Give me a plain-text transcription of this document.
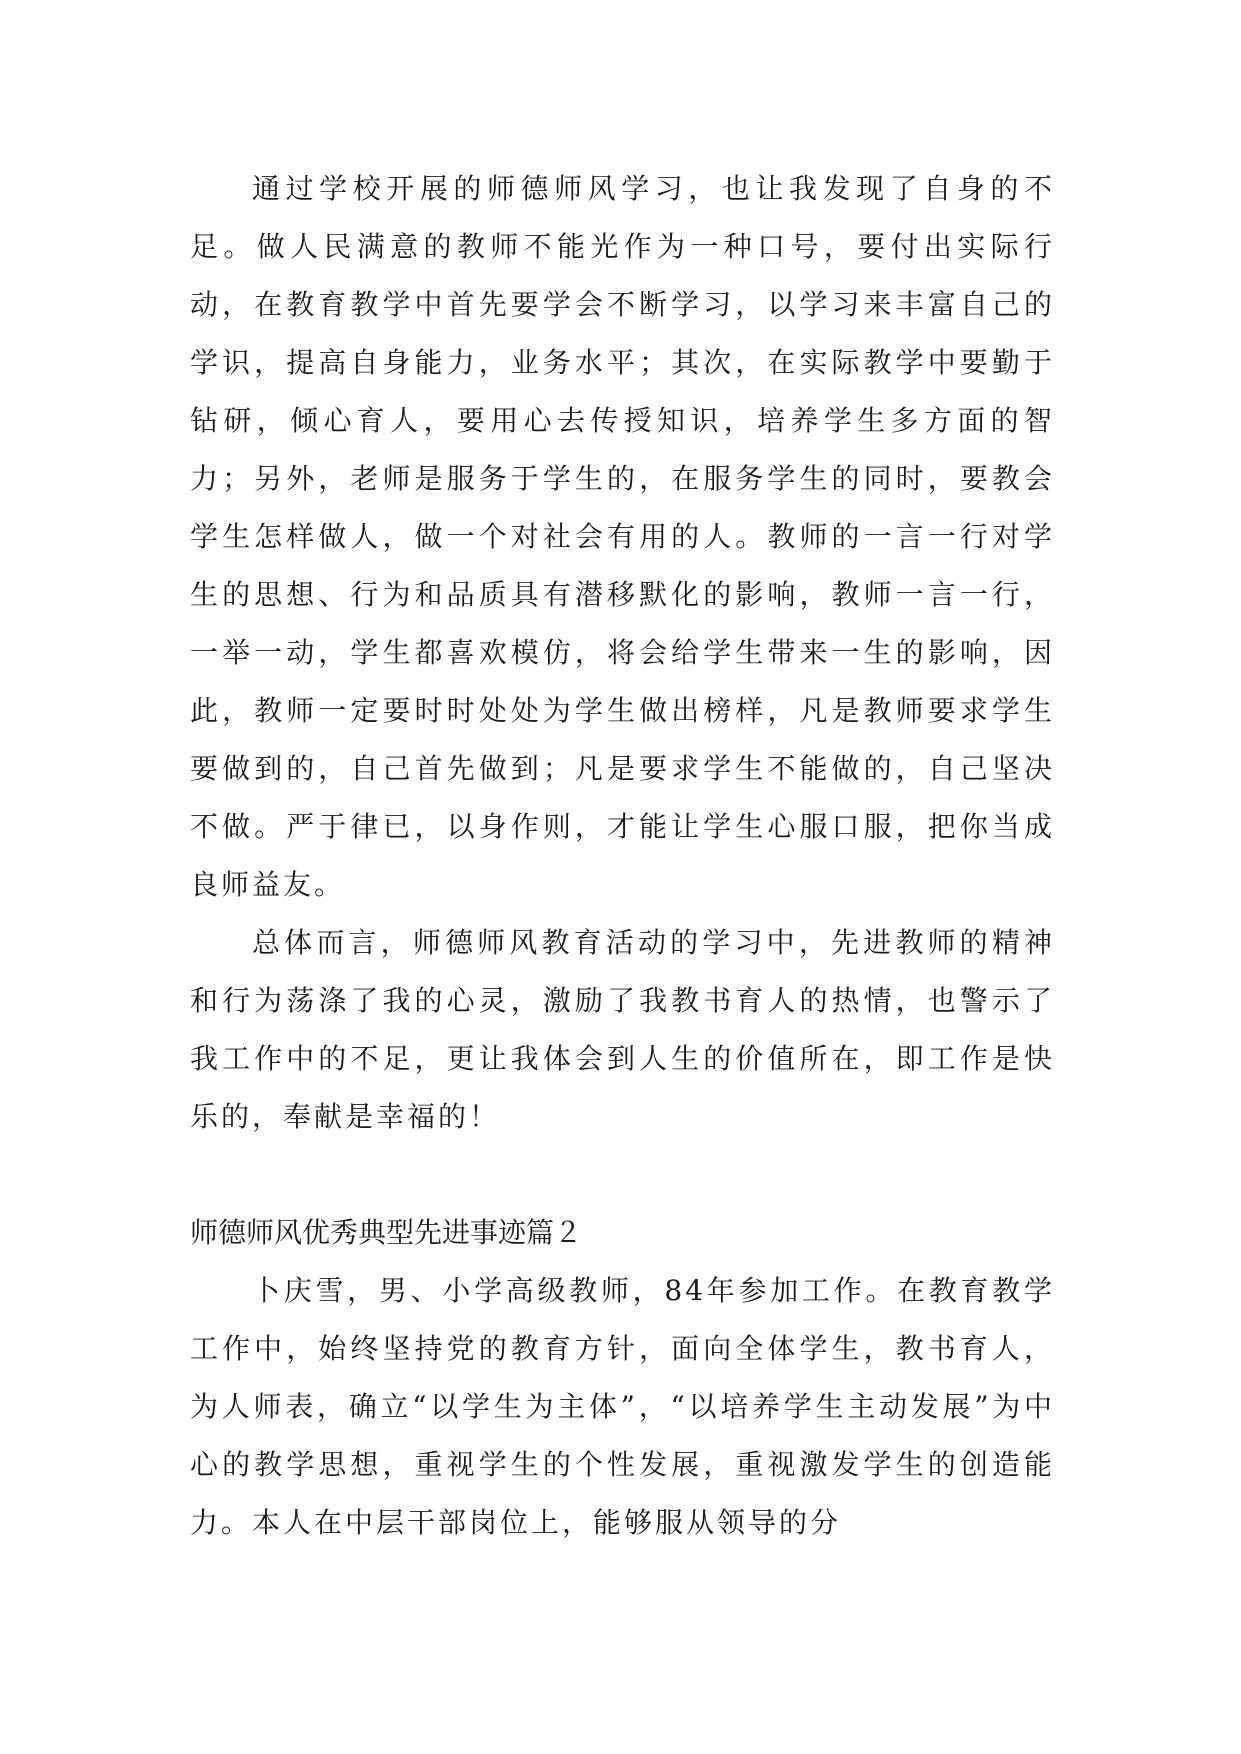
通过学校开展的师德师风学习，也让我发现了自身的不足。做人民满意的教师不能光作为一种口号，要付出实际行动，在教育教学中首先要学会不断学习，以学习来丰富自己的学识，提高自身能力，业务水平；其次，在实际教学中要勤于钻研，倾心育人，要用心去传授知识，培养学生多方面的智力；另外，老师是服务于学生的，在服务学生的同时，要教会学生怎样做人，做一个对社会有用的人。教师的一言一行对学生的思想、行为和品质具有潜移默化的影响，教师一言一行，一举一动，学生都喜欢模仿，将会给学生带来一生的影响，因此，教师一定要时时处处为学生做出榜样，凡是教师要求学生要做到的，自己首先做到；凡是要求学生不能做的，自己坚决不做。严于律已，以身作则，才能让学生心服口服，把你当成良师益友。

总体而言，师德师风教育活动的学习中，先进教师的精神和行为荡涤了我的心灵，激励了我教书育人的热情，也警示了我工作中的不足，更让我体会到人生的价值所在，即工作是快乐的，奉献是幸福的！

师德师风优秀典型先进事迹篇２

卜庆雪，男、小学高级教师，84年参加工作。在教育教学工作中，始终坚持党的教育方针，面向全体学生，教书育人，为人师表，确立“以学生为主体”，“以培养学生主动发展”为中心的教学思想，重视学生的个性发展，重视激发学生的创造能力。本人在中层干部岗位上，能够服从领导的分
